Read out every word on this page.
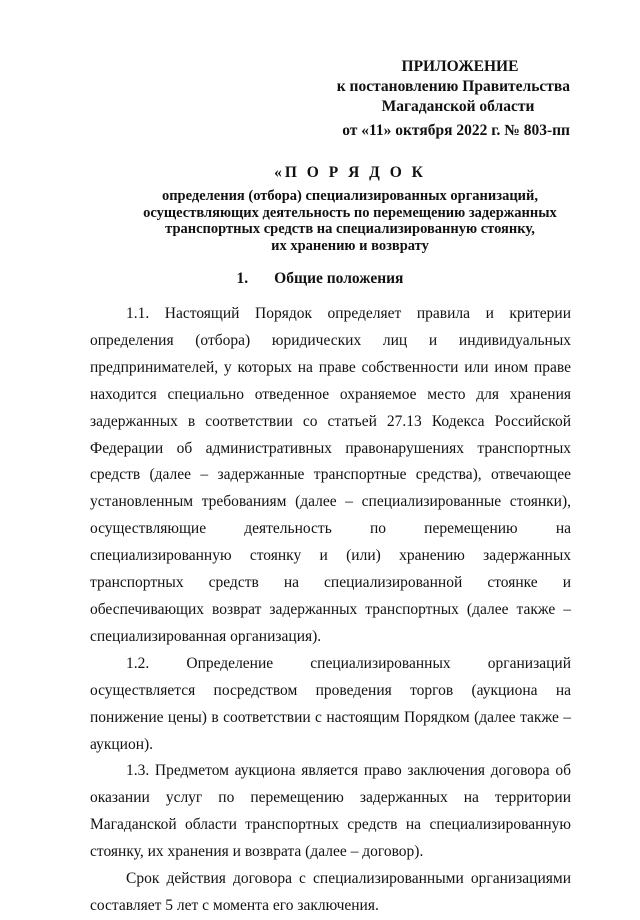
ПРИЛОЖЕНИЕ
к постановлению Правительства
Магаданской области
от «11» октября 2022 г. № 803-пп
«П О Р Я Д О К
определения (отбора) специализированных организаций,
осуществляющих деятельность по перемещению задержанных
транспортных средств на специализированную стоянку,
их хранению и возврату
1. Общие положения

1.1. Настоящий Порядок определяет правила и критерии определения (отбора) юридических лиц и индивидуальных предпринимателей, у которых на праве собственности или ином праве находится специально отведенное охраняемое место для хранения задержанных в соответствии со статьей 27.13 Кодекса Российской Федерации об административных правонарушениях транспортных средств (далее – задержанные транспортные средства), отвечающее установленным требованиям (далее – специализированные стоянки), осуществляющие деятельность по перемещению на специализированную стоянку и (или) хранению задержанных транспортных средств на специализированной стоянке и обеспечивающих возврат задержанных транспортных (далее также – специализированная организация).

1.2. Определение специализированных организаций осуществляется посредством проведения торгов (аукциона на понижение цены) в соответствии с настоящим Порядком (далее также – аукцион).

1.3. Предметом аукциона является право заключения договора об оказании услуг по перемещению задержанных на территории Магаданской области транспортных средств на специализированную стоянку, их хранения и возврата (далее – договор).

Срок действия договора с специализированными организациями составляет 5 лет с момента его заключения.
